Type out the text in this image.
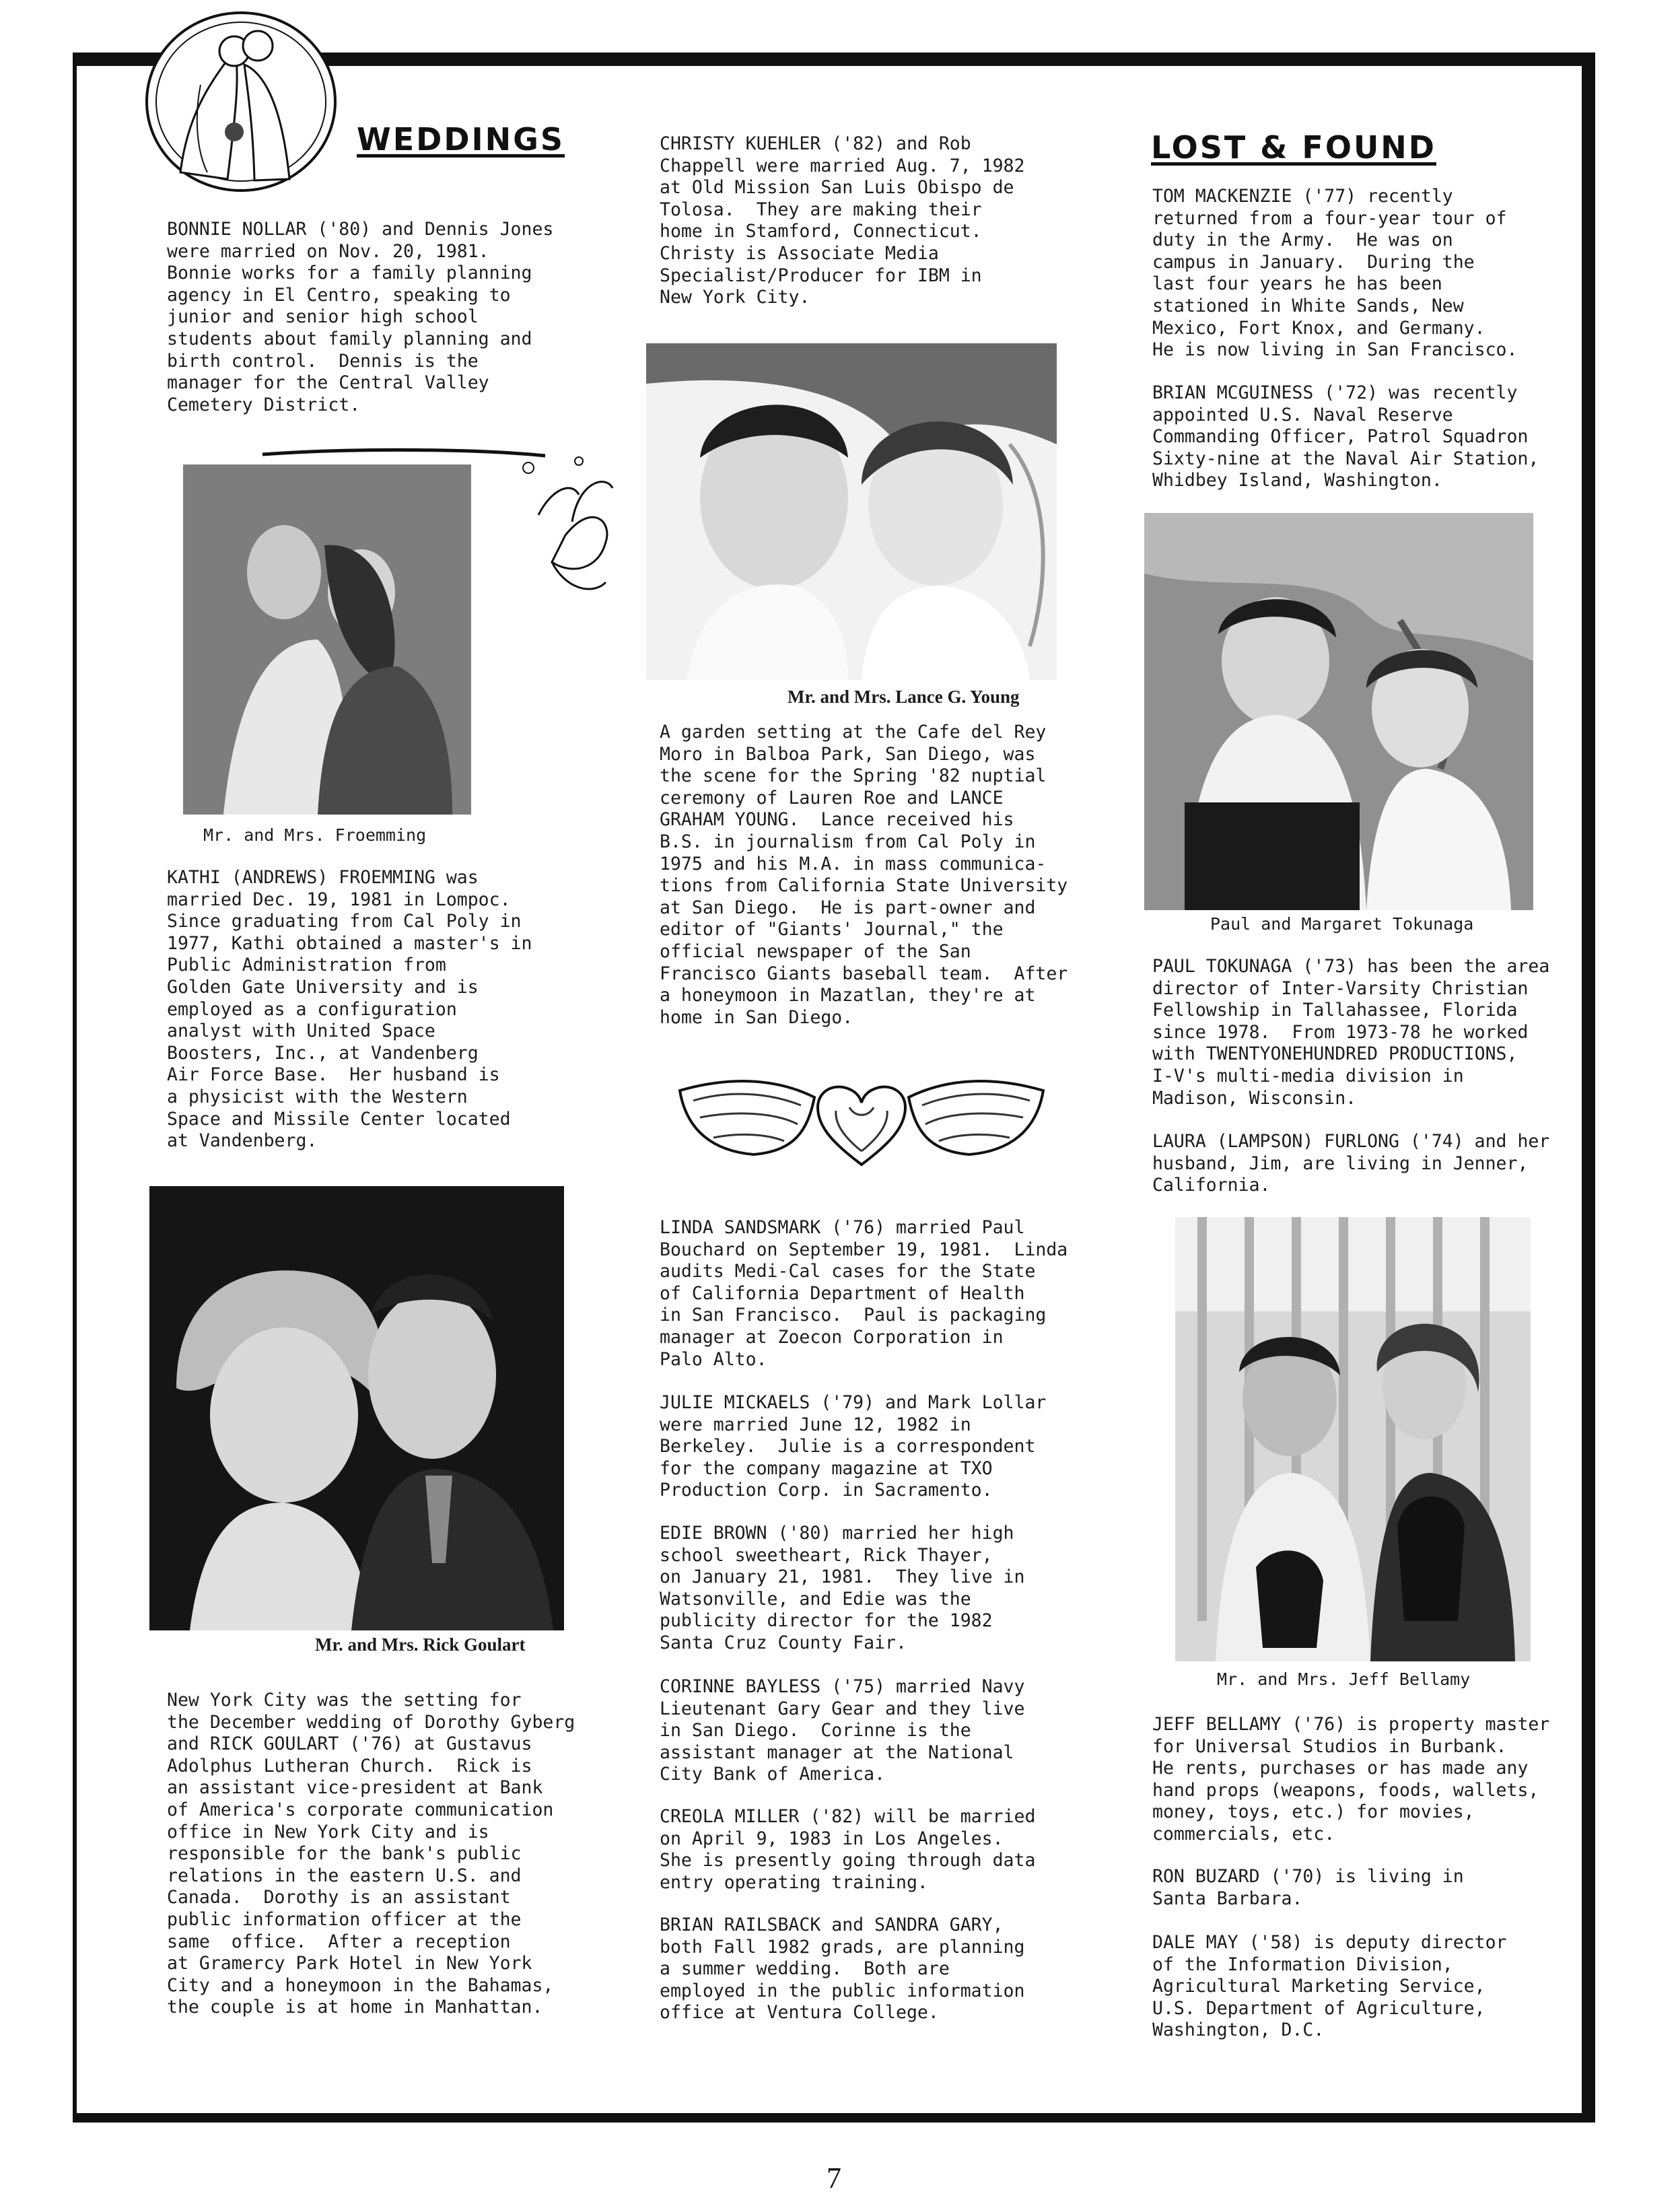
WEDDINGS	LOST & FOUND

BONNIE NOLLAR ('80) and Dennis Jones

were married on Nov. 20, 1981.

Bonnie works for a family planning

agency in El Centro, speaking to

junior and senior high school

students about family planning and

birth control.  Dennis is the

manager for the Central Valley

Cemetery District.

Mr. and Mrs. Froemming

KATHI (ANDREWS) FROEMMING was

married Dec. 19, 1981 in Lompoc.

Since graduating from Cal Poly in

1977, Kathi obtained a master's in

Public Administration from

Golden Gate University and is

employed as a configuration

analyst with United Space

Boosters, Inc., at Vandenberg

Air Force Base.  Her husband is

a physicist with the Western

Space and Missile Center located

at Vandenberg.

Mr. and Mrs. Rick Goulart

New York City was the setting for

the December wedding of Dorothy Gyberg

and RICK GOULART ('76) at Gustavus

Adolphus Lutheran Church.  Rick is

an assistant vice-president at Bank

of America's corporate communication

office in New York City and is

responsible for the bank's public

relations in the eastern U.S. and

Canada.  Dorothy is an assistant

public information officer at the

same  office.  After a reception

at Gramercy Park Hotel in New York

City and a honeymoon in the Bahamas,

the couple is at home in Manhattan.

CHRISTY KUEHLER ('82) and Rob

Chappell were married Aug. 7, 1982

at Old Mission San Luis Obispo de

Tolosa.  They are making their

home in Stamford, Connecticut.

Christy is Associate Media

Specialist/Producer for IBM in

New York City.

Mr. and Mrs. Lance G. Young

A garden setting at the Cafe del Rey

Moro in Balboa Park, San Diego, was

the scene for the Spring '82 nuptial

ceremony of Lauren Roe and LANCE

GRAHAM YOUNG.  Lance received his

B.S. in journalism from Cal Poly in

1975 and his M.A. in mass communica-

tions from California State University

at San Diego.  He is part-owner and

editor of "Giants' Journal," the

official newspaper of the San

Francisco Giants baseball team.  After

a honeymoon in Mazatlan, they're at

home in San Diego.

LINDA SANDSMARK ('76) married Paul

Bouchard on September 19, 1981.  Linda

audits Medi-Cal cases for the State

of California Department of Health

in San Francisco.  Paul is packaging

manager at Zoecon Corporation in

Palo Alto.

JULIE MICKAELS ('79) and Mark Lollar

were married June 12, 1982 in

Berkeley.  Julie is a correspondent

for the company magazine at TXO

Production Corp. in Sacramento.

EDIE BROWN ('80) married her high

school sweetheart, Rick Thayer,

on January 21, 1981.  They live in

Watsonville, and Edie was the

publicity director for the 1982

Santa Cruz County Fair.

CORINNE BAYLESS ('75) married Navy

Lieutenant Gary Gear and they live

in San Diego.  Corinne is the

assistant manager at the National

City Bank of America.

CREOLA MILLER ('82) will be married

on April 9, 1983 in Los Angeles.

She is presently going through data

entry operating training.

BRIAN RAILSBACK and SANDRA GARY,

both Fall 1982 grads, are planning

a summer wedding.  Both are

employed in the public information

office at Ventura College.

TOM MACKENZIE ('77) recently

returned from a four-year tour of

duty in the Army.  He was on

campus in January.  During the

last four years he has been

stationed in White Sands, New

Mexico, Fort Knox, and Germany.

He is now living in San Francisco.

BRIAN MCGUINESS ('72) was recently

appointed U.S. Naval Reserve

Commanding Officer, Patrol Squadron

Sixty-nine at the Naval Air Station,

Whidbey Island, Washington.

Paul and Margaret Tokunaga

PAUL TOKUNAGA ('73) has been the area

director of Inter-Varsity Christian

Fellowship in Tallahassee, Florida

since 1978.  From 1973-78 he worked

with TWENTYONEHUNDRED PRODUCTIONS,

I-V's multi-media division in

Madison, Wisconsin.

LAURA (LAMPSON) FURLONG ('74) and her

husband, Jim, are living in Jenner,

California.

Mr. and Mrs. Jeff Bellamy

JEFF BELLAMY ('76) is property master

for Universal Studios in Burbank.

He rents, purchases or has made any

hand props (weapons, foods, wallets,

money, toys, etc.) for movies,

commercials, etc.

RON BUZARD ('70) is living in

Santa Barbara.

DALE MAY ('58) is deputy director

of the Information Division,

Agricultural Marketing Service,

U.S. Department of Agriculture,

Washington, D.C.

7
